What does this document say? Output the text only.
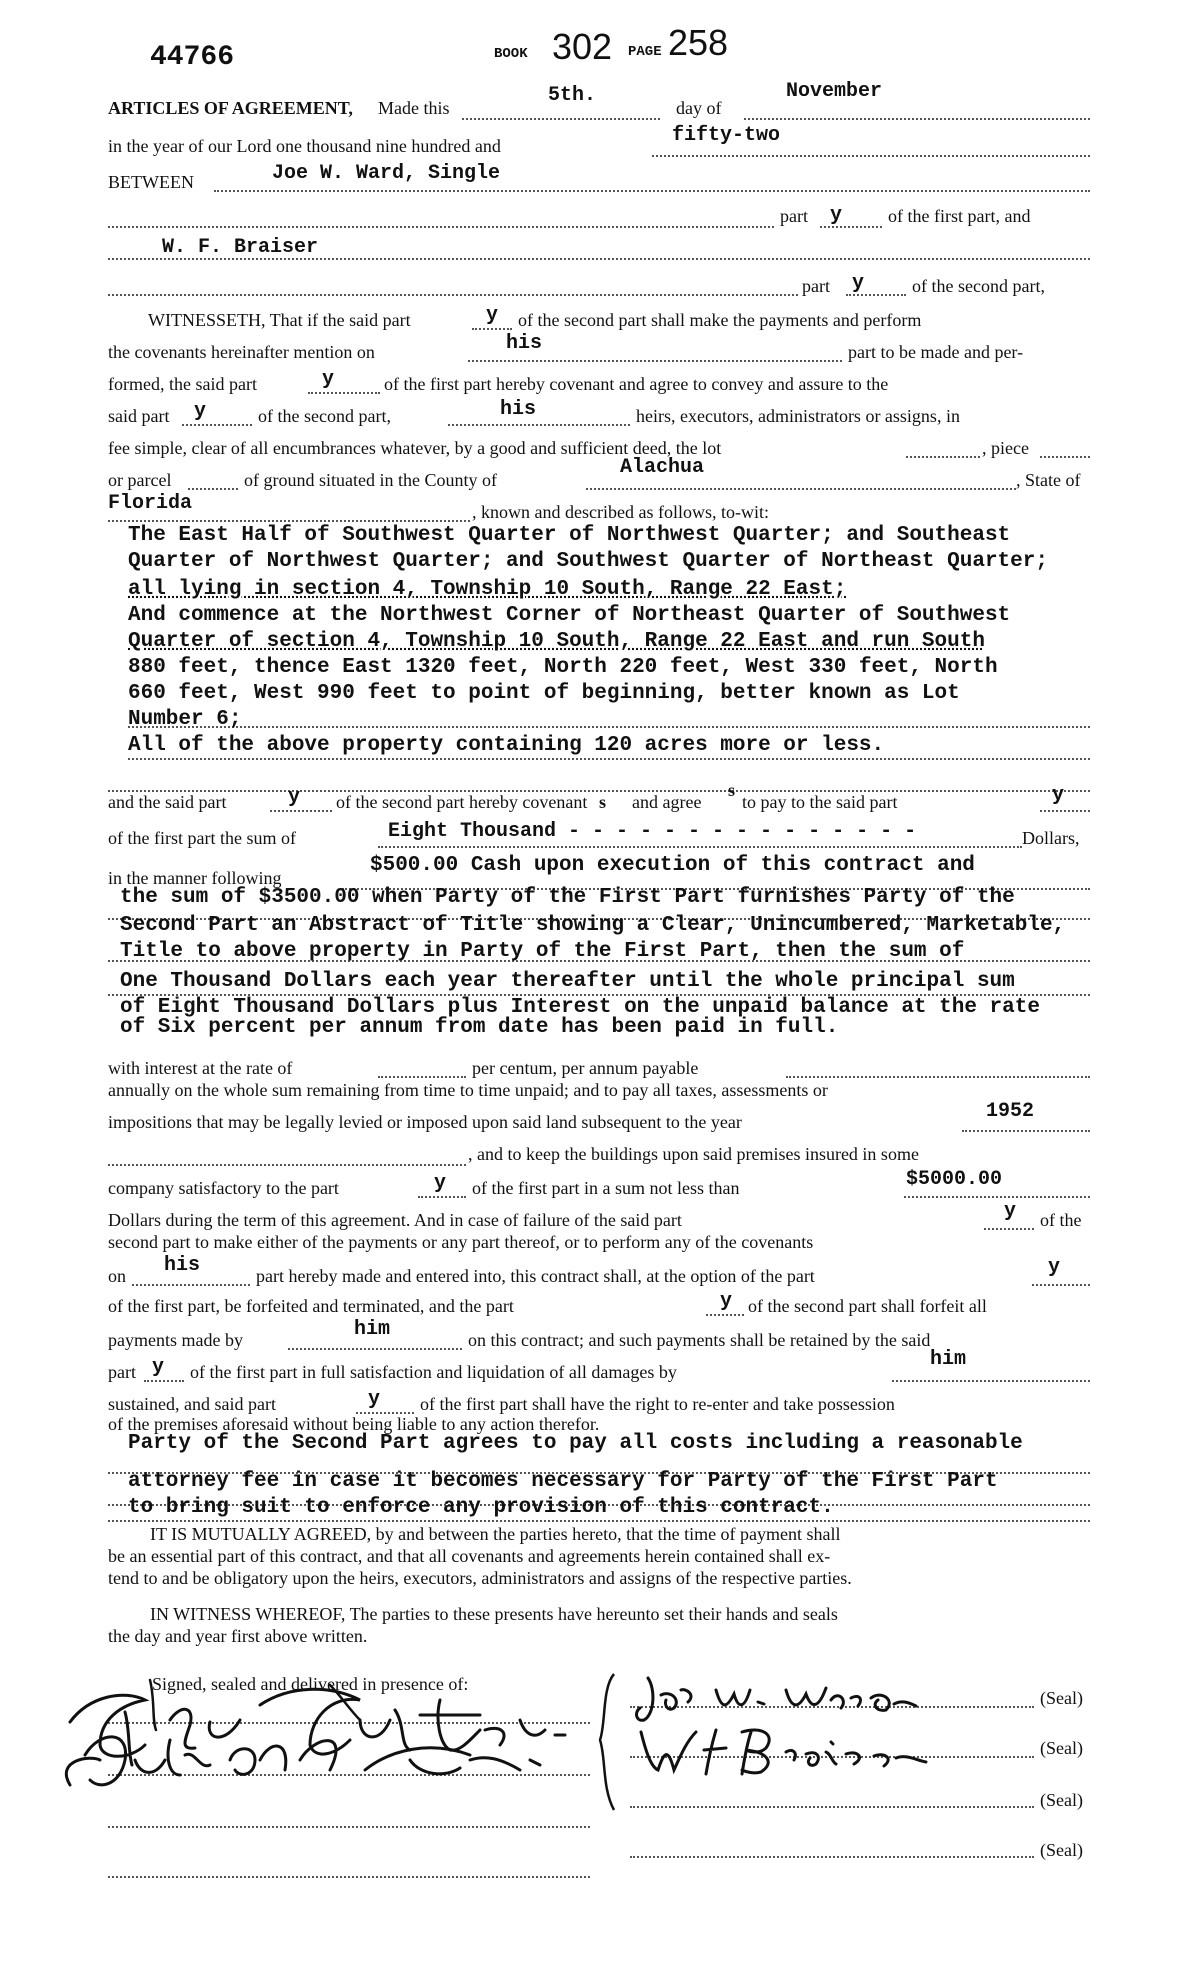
44766	BOOK 302 PAGE 258
ARTICLES OF AGREEMENT, Made this
5th.
day of
November
in the year of our Lord one thousand nine hundred and	fifty-two
BETWEEN	Joe W. Ward, Single
part y	of the first part, and
W. F. Braiser
part y	of the second part,
WITNESSETH, That if the said part	y of the second part shall make the payments and perform
the covenants hereinafter mention on	his	part to be made and per-
formed, the said part	y	of the first part hereby covenant and agree to convey and assure to the
said part y	of the second part,	his	heirs, executors, administrators or assigns, in
fee simple, clear of all encumbrances whatever, by a good and sufficient deed, the lot	, piece
or parcel	of ground situated in the County of
Alachua
, State of
Florida	, known and described as follows, to-wit:
The East Half of Southwest Quarter of Northwest Quarter; and Southeast
Quarter of Northwest Quarter; and Southwest Quarter of Northeast Quarter;
all lying in section 4, Township 10 South, Range 22 East;
And commence at the Northwest Corner of Northeast Quarter of Southwest
Quarter of section 4, Township 10 South, Range 22 East and run South
880 feet, thence East 1320 feet, North 220 feet, West 330 feet, North
660 feet, West 990 feet to point of beginning, better known as Lot
Number 6;
All of the above property containing 120 acres more or less.
and the said part	y of the second part hereby covenant s and agree
s
to pay to the said part	y
of the first part the sum of	Eight Thousand - - - - - - - - - - - - - - -	Dollars,
in the manner following
$500.00 Cash upon execution of this contract and
the sum of $3500.00 when Party of the First Part furnishes Party of the
Second Part an Abstract of Title showing a Clear, Unincumbered, Marketable,
Title to above property in Party of the First Part, then the sum of
One Thousand Dollars each year thereafter until the whole principal sum
of Eight Thousand Dollars plus Interest on the unpaid balance at the rate
of Six percent per annum from date has been paid in full.
with interest at the rate of	per centum, per annum payable
annually on the whole sum remaining from time to time unpaid; and to pay all taxes, assessments or
impositions that may be legally levied or imposed upon said land subsequent to the year	1952
, and to keep the buildings upon said premises insured in some
company satisfactory to the part	y of the first part in a sum not less than	$5000.00
Dollars during the term of this agreement. And in case of failure of the said part	y of the
second part to make either of the payments or any part thereof, or to perform any of the covenants
on his	part hereby made and entered into, this contract shall, at the option of the part	y
of the first part, be forfeited and terminated, and the part	y of the second part shall forfeit all
payments made by	him	on this contract; and such payments shall be retained by the said
part y of the first part in full satisfaction and liquidation of all damages by
him
sustained, and said part	y of the first part shall have the right to re-enter and take possession
of the premises aforesaid without being liable to any action therefor.
Party of the Second Part agrees to pay all costs including a reasonable
attorney fee in case it becomes necessary for Party of the First Part
to bring suit to enforce any provision of this contract.
IT IS MUTUALLY AGREED, by and between the parties hereto, that the time of payment shall
be an essential part of this contract, and that all covenants and agreements herein contained shall ex-
tend to and be obligatory upon the heirs, executors, administrators and assigns of the respective parties.
IN WITNESS WHEREOF, The parties to these presents have hereunto set their hands and seals
the day and year first above written.
Signed, sealed and delivered in presence of:
(Seal)
(Seal)
(Seal)
(Seal)
